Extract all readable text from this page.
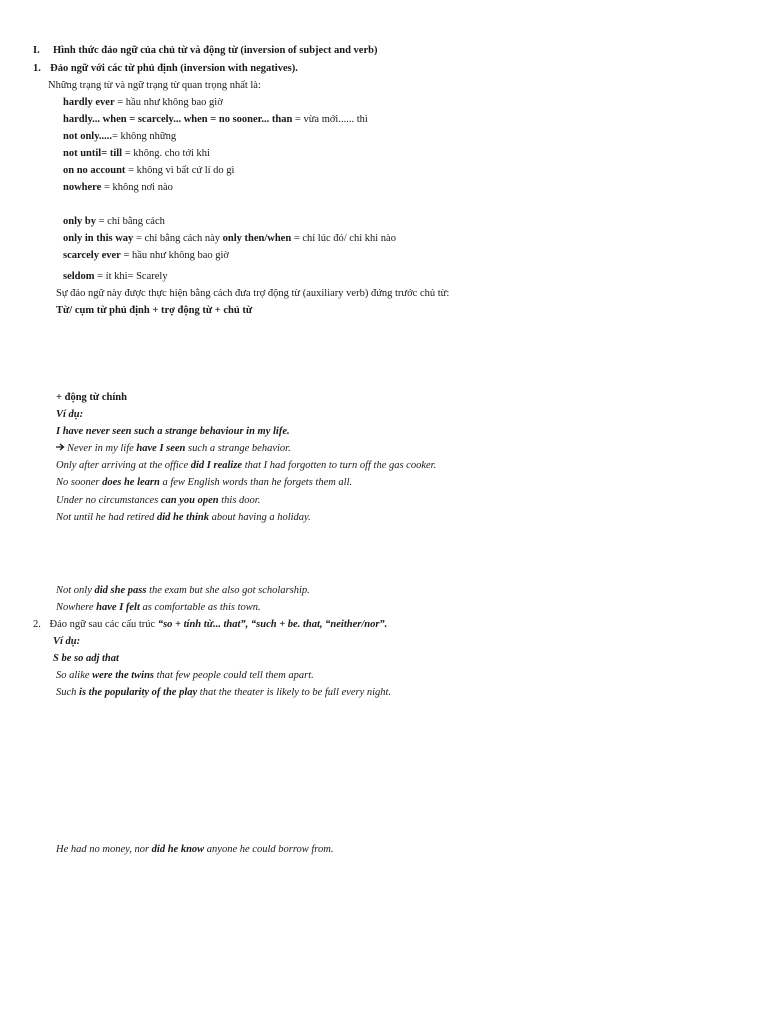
I. Hình thức đảo ngữ của chủ từ và động từ (inversion of subject and verb)
1. Đảo ngữ với các từ phủ định (inversion with negatives).
Những trạng từ và ngữ trạng từ quan trọng nhất là:
hardly ever = hầu như không bao giờ
hardly... when = scarcely... when = no sooner... than = vừa mới...... thì
not only.....= không những
not until= till = không. cho tới khi
on no account = không vì bất cứ lí do gì
nowhere = không nơi nào
only by = chỉ bằng cách
only in this way = chỉ bằng cách này only then/when = chỉ lúc đó/ chỉ khi nào
scarcely ever = hầu như không bao giờ
seldom = ít khi= Scarely
Sự đảo ngữ này được thực hiện bằng cách đưa trợ động từ (auxiliary verb) đứng trước chủ từ:
Từ/ cụm từ phủ định + trợ động từ + chủ từ
+ động từ chính
Ví dụ:
I have never seen such a strange behaviour in my life.
Never in my life have I seen such a strange behavior.
Only after arriving at the office did I realize that I had forgotten to turn off the gas cooker.
No sooner does he learn a few English words than he forgets them all.
Under no circumstances can you open this door.
Not until he had retired did he think about having a holiday.
Not only did she pass the exam but she also got scholarship.
Nowhere have I felt as comfortable as this town.
2. Đảo ngữ sau các cấu trúc “so + tính từ... that”, “such + be. that, “neither/nor”.
Ví dụ:
S be so adj that
So alike were the twins that few people could tell them apart.
Such is the popularity of the play that the theater is likely to be full every night.
He had no money, nor did he know anyone he could borrow from.
